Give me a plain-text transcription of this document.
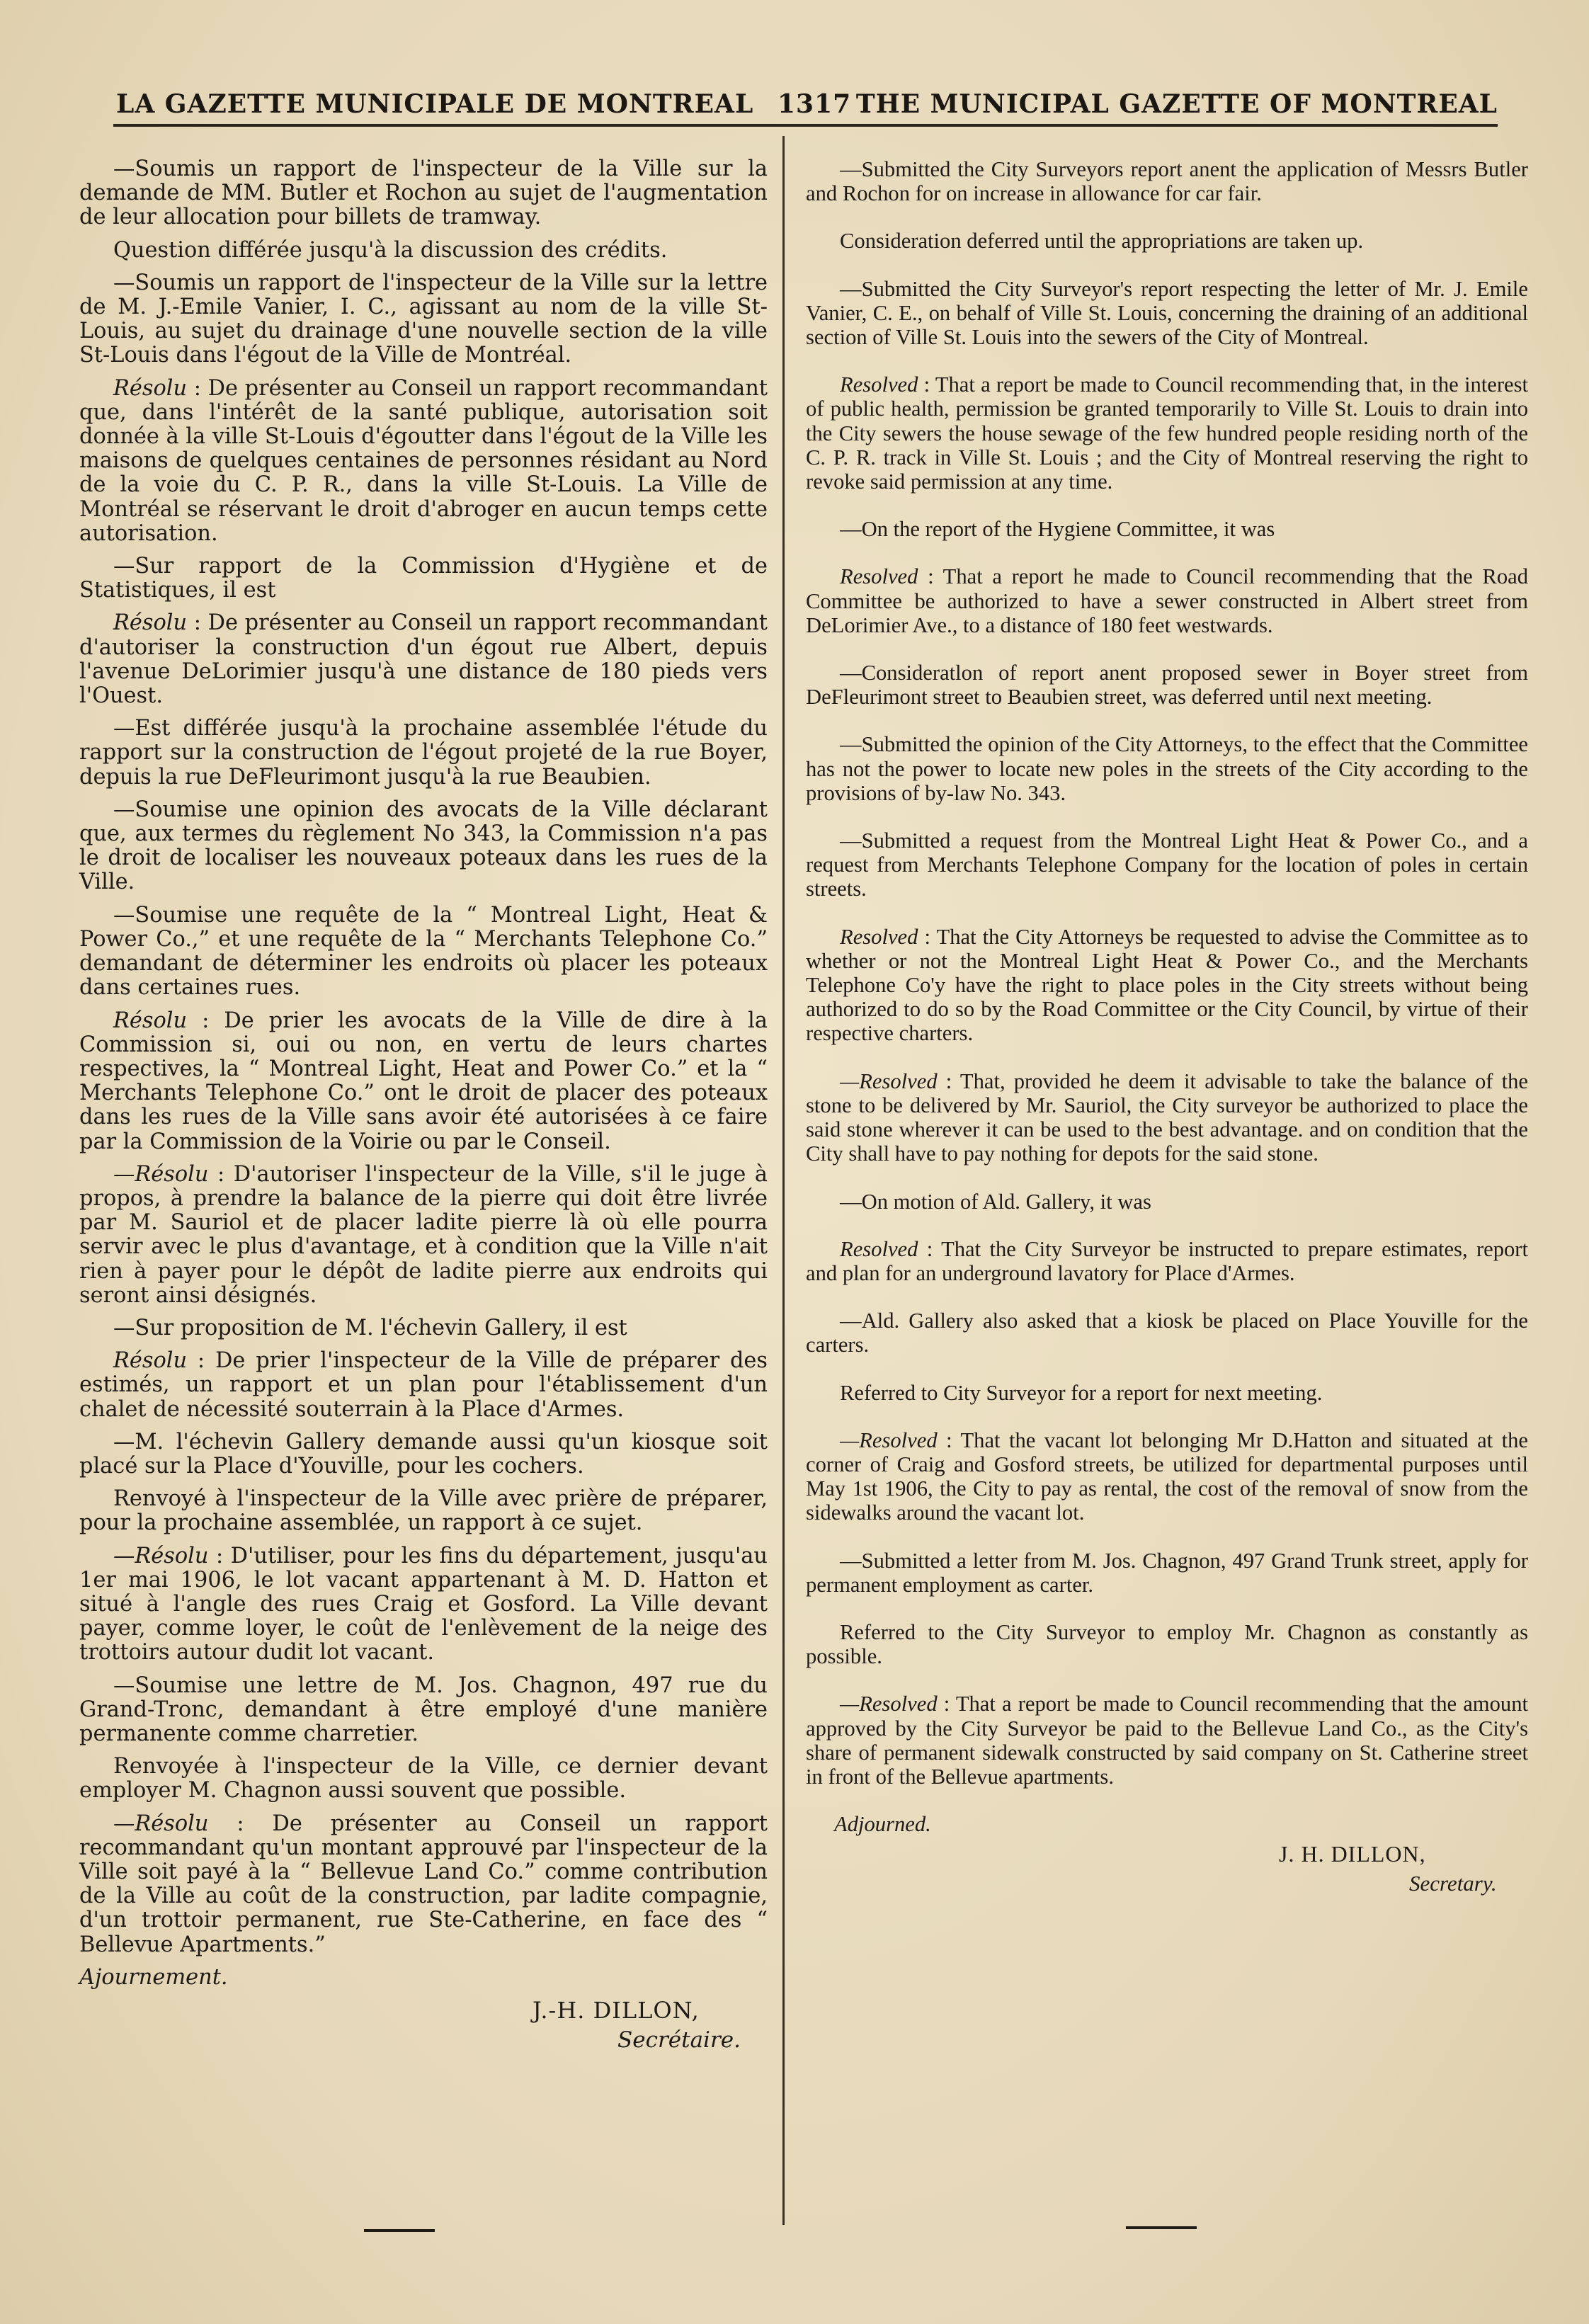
LA GAZETTE MUNICIPALE DE MONTREAL 1317 THE MUNICIPAL GAZETTE OF MONTREAL

—Soumis un rapport de l'inspecteur de la Ville sur la demande de MM. Butler et Rochon au sujet de l'augmentation de leur allocation pour billets de tramway.

Question différée jusqu'à la discussion des crédits.

—Soumis un rapport de l'inspecteur de la Ville sur la lettre de M. J.-Emile Vanier, I. C., agissant au nom de la ville St-Louis, au sujet du drainage d'une nouvelle section de la ville St-Louis dans l'égout de la Ville de Montréal.

Résolu : De présenter au Conseil un rapport recommandant que, dans l'intérêt de la santé publique, autorisation soit donnée à la ville St-Louis d'égoutter dans l'égout de la Ville les maisons de quelques centaines de personnes résidant au Nord de la voie du C. P. R., dans la ville St-Louis. La Ville de Montréal se réservant le droit d'abroger en aucun temps cette autorisation.

—Sur rapport de la Commission d'Hygiène et de Statistiques, il est

Résolu : De présenter au Conseil un rapport recommandant d'autoriser la construction d'un égout rue Albert, depuis l'avenue DeLorimier jusqu'à une distance de 180 pieds vers l'Ouest.

—Est différée jusqu'à la prochaine assemblée l'étude du rapport sur la construction de l'égout projeté de la rue Boyer, depuis la rue DeFleurimont jusqu'à la rue Beaubien.

—Soumise une opinion des avocats de la Ville déclarant que, aux termes du règlement No 343, la Commission n'a pas le droit de localiser les nouveaux poteaux dans les rues de la Ville.

—Soumise une requête de la “ Montreal Light, Heat & Power Co.,” et une requête de la “ Merchants Telephone Co.” demandant de déterminer les endroits où placer les poteaux dans certaines rues.

Résolu : De prier les avocats de la Ville de dire à la Commission si, oui ou non, en vertu de leurs chartes respectives, la “ Montreal Light, Heat and Power Co.” et la “ Merchants Telephone Co.” ont le droit de placer des poteaux dans les rues de la Ville sans avoir été autorisées à ce faire par la Commission de la Voirie ou par le Conseil.

—Résolu : D'autoriser l'inspecteur de la Ville, s'il le juge à propos, à prendre la balance de la pierre qui doit être livrée par M. Sauriol et de placer ladite pierre là où elle pourra servir avec le plus d'avantage, et à condition que la Ville n'ait rien à payer pour le dépôt de ladite pierre aux endroits qui seront ainsi désignés.

—Sur proposition de M. l'échevin Gallery, il est

Résolu : De prier l'inspecteur de la Ville de préparer des estimés, un rapport et un plan pour l'établissement d'un chalet de nécessité souterrain à la Place d'Armes.

—M. l'échevin Gallery demande aussi qu'un kiosque soit placé sur la Place d'Youville, pour les cochers.

Renvoyé à l'inspecteur de la Ville avec prière de préparer, pour la prochaine assemblée, un rapport à ce sujet.

—Résolu : D'utiliser, pour les fins du département, jusqu'au 1er mai 1906, le lot vacant appartenant à M. D. Hatton et situé à l'angle des rues Craig et Gosford. La Ville devant payer, comme loyer, le coût de l'enlèvement de la neige des trottoirs autour dudit lot vacant.

—Soumise une lettre de M. Jos. Chagnon, 497 rue du Grand-Tronc, demandant à être employé d'une manière permanente comme charretier.

Renvoyée à l'inspecteur de la Ville, ce dernier devant employer M. Chagnon aussi souvent que possible.

—Résolu : De présenter au Conseil un rapport recommandant qu'un montant approuvé par l'inspecteur de la Ville soit payé à la “ Bellevue Land Co.” comme contribution de la Ville au coût de la construction, par ladite compagnie, d'un trottoir permanent, rue Ste-Catherine, en face des “ Bellevue Apartments.”

Ajournement.

J.-H. DILLON,
Secrétaire.

—Submitted the City Surveyors report anent the application of Messrs Butler and Rochon for on increase in allowance for car fair.

Consideration deferred until the appropriations are taken up.

—Submitted the City Surveyor's report respecting the letter of Mr. J. Emile Vanier, C. E., on behalf of Ville St. Louis, concerning the draining of an additional section of Ville St. Louis into the sewers of the City of Montreal.

Resolved : That a report be made to Council recommending that, in the interest of public health, permission be granted temporarily to Ville St. Louis to drain into the City sewers the house sewage of the few hundred people residing north of the C. P. R. track in Ville St. Louis ; and the City of Montreal reserving the right to revoke said permission at any time.

—On the report of the Hygiene Committee, it was

Resolved : That a report he made to Council recommending that the Road Committee be authorized to have a sewer constructed in Albert street from DeLorimier Ave., to a distance of 180 feet westwards.

—Consideratlon of report anent proposed sewer in Boyer street from DeFleurimont street to Beaubien street, was deferred until next meeting.

—Submitted the opinion of the City Attorneys, to the effect that the Committee has not the power to locate new poles in the streets of the City according to the provisions of by-law No. 343.

—Submitted a request from the Montreal Light Heat & Power Co., and a request from Merchants Telephone Company for the location of poles in certain streets.

Resolved : That the City Attorneys be requested to advise the Committee as to whether or not the Montreal Light Heat & Power Co., and the Merchants Telephone Co'y have the right to place poles in the City streets without being authorized to do so by the Road Committee or the City Council, by virtue of their respective charters.

—Resolved : That, provided he deem it advisable to take the balance of the stone to be delivered by Mr. Sauriol, the City surveyor be authorized to place the said stone wherever it can be used to the best advantage. and on condition that the City shall have to pay nothing for depots for the said stone.

—On motion of Ald. Gallery, it was

Resolved : That the City Surveyor be instructed to prepare estimates, report and plan for an underground lavatory for Place d'Armes.

—Ald. Gallery also asked that a kiosk be placed on Place Youville for the carters.

Referred to City Surveyor for a report for next meeting.

—Resolved : That the vacant lot belonging Mr D.Hatton and situated at the corner of Craig and Gosford streets, be utilized for departmental purposes until May 1st 1906, the City to pay as rental, the cost of the removal of snow from the sidewalks around the vacant lot.

—Submitted a letter from M. Jos. Chagnon, 497 Grand Trunk street, apply for permanent employment as carter.

Referred to the City Surveyor to employ Mr. Chagnon as constantly as possible.

—Resolved : That a report be made to Council recommending that the amount approved by the City Surveyor be paid to the Bellevue Land Co., as the City's share of permanent sidewalk constructed by said company on St. Catherine street in front of the Bellevue apartments.

Adjourned.

J. H. DILLON,
Secretary.
